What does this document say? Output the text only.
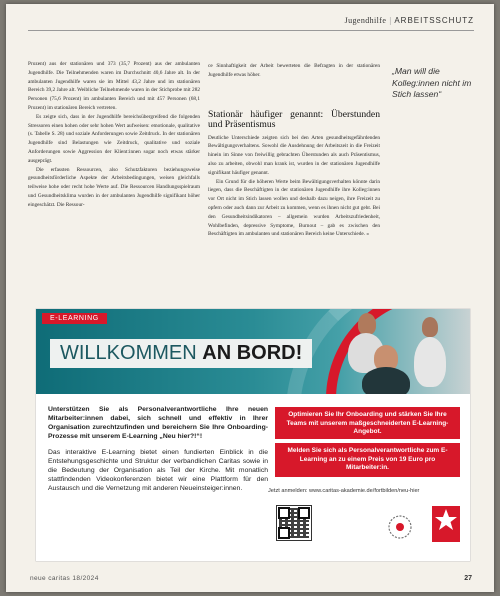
Jugendhilfe | ARBEITSSCHUTZ

Prozent) aus der stationären und 373 (35,7 Prozent) aus der ambulanten Jugendhilfe. Die Teilnehmenden waren im Durchschnitt 40,6 Jahre alt. In der ambulanten Jugendhilfe waren sie im Mittel 43,2 Jahre und im stationären Bereich 39,2 Jahre alt. Weibliche Teilnehmende waren in der Stichprobe mit 282 Personen (75,6 Prozent) im ambulanten Bereich und mit 457 Personen (68,1 Prozent) im stationären Bereich vertreten.

Es zeigte sich, dass in der Jugendhilfe bereichsübergreifend die folgenden Stressoren einen hohen oder sehr hohen Wert aufweisen: emotionale, qualitative (s. Tabelle S. 28) und soziale Anforderungen sowie Zeitdruck. In der stationären Jugendhilfe sind Belastungen wie Zeitdruck, qualitative und soziale Anforderungen sowie Aggression der Klient:innen sogar noch etwas stärker ausgeprägt.

Die erfassten Ressourcen, also Schutzfaktoren beziehungsweise gesundheitsförderliche Aspekte der Arbeitsbedingungen, weisen gleichfalls teilweise hohe oder recht hohe Werte auf. Die Ressourcen Handlungsspielraum und Gesundheitsklima wurden in der ambulanten Jugendhilfe signifikant höher eingeschätzt. Die Ressour-

ce Sinnhaftigkeit der Arbeit bewerteten die Befragten in der stationären Jugendhilfe etwas höher.

Stationär häufiger genannt: Überstunden und Präsentismus

Deutliche Unterschiede zeigten sich bei den Arten gesundheitsgefährdenden Bewältigungsverhaltens. Sowohl die Ausdehnung der Arbeitszeit in die Freizeit hinein im Sinne von freiwillig gebrachten Überstunden als auch Präsentismus, also zu arbeiten, obwohl man krank ist, wurden in der stationären Jugendhilfe signifikant häufiger genannt.

Ein Grund für die höheren Werte beim Bewältigungsverhalten könnte darin liegen, dass die Beschäftigten in der stationären Jugendhilfe ihre Kolleg:innen vor Ort nicht im Stich lassen wollen und deshalb dazu neigen, ihre Freizeit zu opfern oder auch dann zur Arbeit zu kommen, wenn es ihnen nicht gut geht. Bei den Gesundheitsindikatoren – allgemein wurden Arbeitszufriedenheit, Wohlbefinden, depressive Symptome, Burnout – gab es zwischen den Beschäftigten im ambulanten und stationären Bereich keine Unterschiede. »

„Man will die Kolleg:innen nicht im Stich lassen“
E-LEARNING
WILLKOMMEN AN BORD!

Unterstützen Sie als Personalverantwortliche Ihre neuen Mitarbeiter:innen dabei, sich schnell und effektiv in Ihrer Organisation zurechtzufinden und bereichern Sie Ihre Onboarding-Prozesse mit unserem E-Learning „Neu hier?!“!

Das interaktive E-Learning bietet einen fundierten Einblick in die Entstehungsgeschichte und Struktur der verbandlichen Caritas sowie in die Bedeutung der Organisation als Teil der Kirche. Mit monatlich stattfindenden Videokonferenzen bietet wir eine Plattform für den Austausch und die Vernetzung mit anderen Neueinsteiger:innen.

Optimieren Sie Ihr Onboarding und stärken Sie Ihre Teams mit unserem maßgeschneiderten E-Learning-Angebot.
Melden Sie sich als Personalverantwortliche zum E-Learning an zu einem Preis von 19 Euro pro Mitarbeiter:in.
Jetzt anmelden: www.caritas-akademie.de/fortbilden/neu-hier
neue caritas 18/2024	27
